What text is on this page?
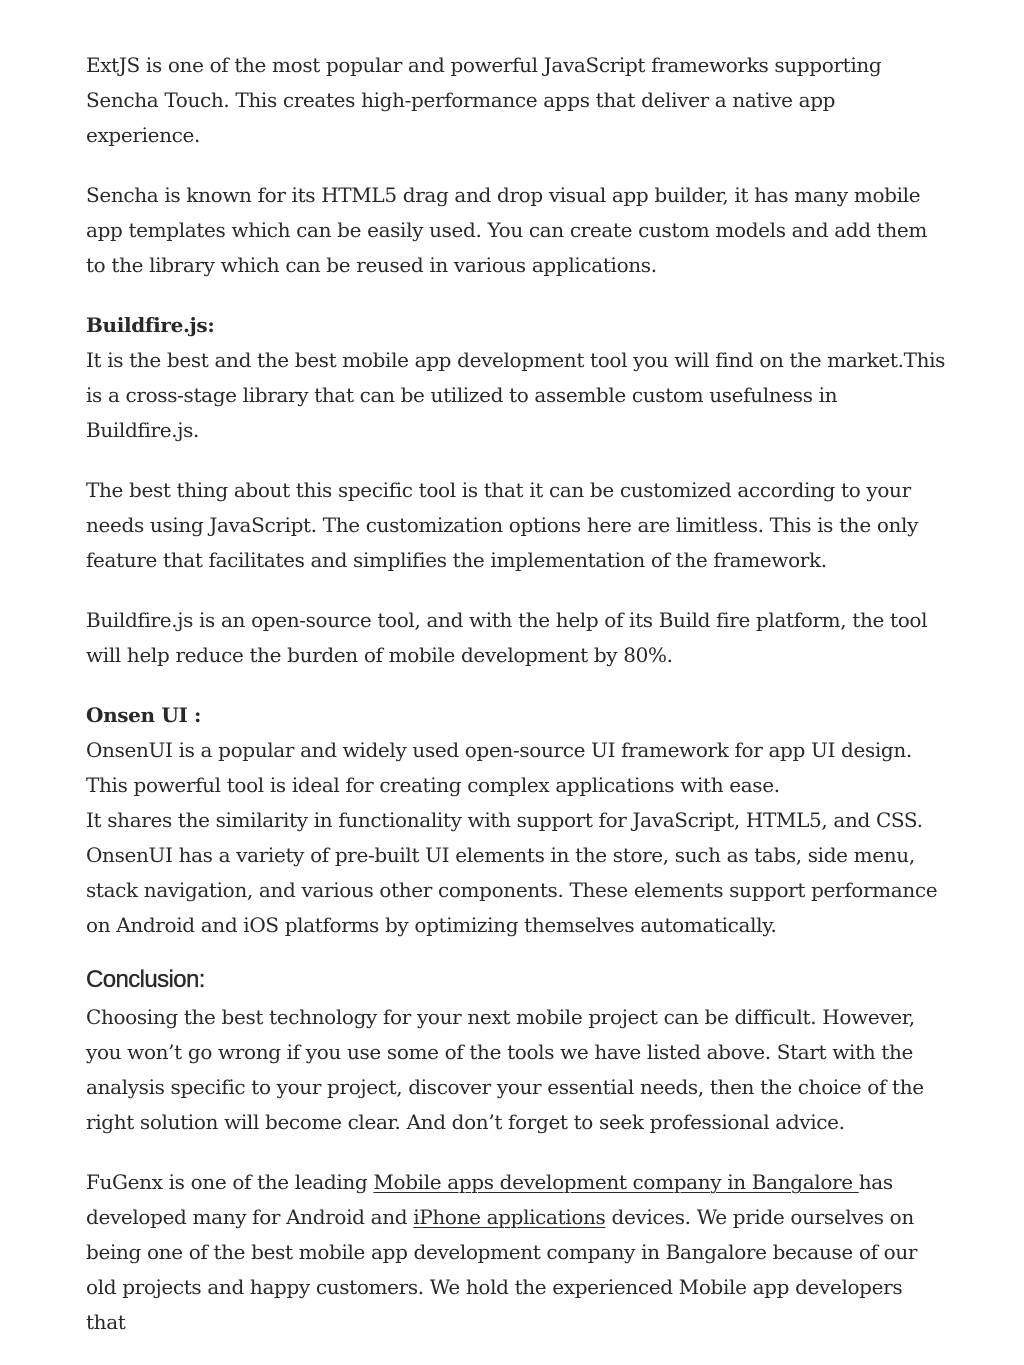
ExtJS is one of the most popular and powerful JavaScript frameworks supporting Sencha Touch. This creates high-performance apps that deliver a native app experience.

Sencha is known for its HTML5 drag and drop visual app builder, it has many mobile app templates which can be easily used. You can create custom models and add them to the library which can be reused in various applications.

Buildfire.js:
It is the best and the best mobile app development tool you will find on the market.This is a cross-stage library that can be utilized to assemble custom usefulness in Buildfire.js.

The best thing about this specific tool is that it can be customized according to your needs using JavaScript. The customization options here are limitless. This is the only feature that facilitates and simplifies the implementation of the framework.

Buildfire.js is an open-source tool, and with the help of its Build fire platform, the tool will help reduce the burden of mobile development by 80%.

Onsen UI :
OnsenUI is a popular and widely used open-source UI framework for app UI design. This powerful tool is ideal for creating complex applications with ease.
It shares the similarity in functionality with support for JavaScript, HTML5, and CSS. OnsenUI has a variety of pre-built UI elements in the store, such as tabs, side menu, stack navigation, and various other components. These elements support performance on Android and iOS platforms by optimizing themselves automatically.

Conclusion:

Choosing the best technology for your next mobile project can be difficult. However, you won’t go wrong if you use some of the tools we have listed above. Start with the analysis specific to your project, discover your essential needs, then the choice of the right solution will become clear. And don’t forget to seek professional advice.

FuGenx is one of the leading Mobile apps development company in Bangalore has developed many for Android and iPhone applications devices. We pride ourselves on being one of the best mobile app development company in Bangalore because of our old projects and happy customers. We hold the experienced Mobile app developers that
